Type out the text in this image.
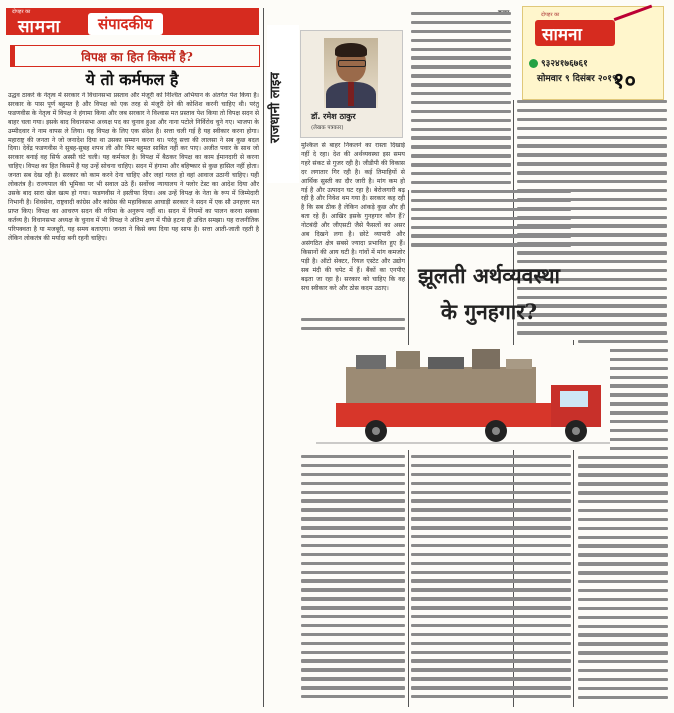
दोपहर का
सामना	संपादकीय
विपक्ष का हित किसमें है?
ये तो कर्मफल है
उद्धव ठाकरे के नेतृत्व में सरकार ने विधानसभा प्रस्ताव और मंजूरी को निश्चित अभियान के अंतर्गत पेश किया है। सरकार के पास पूर्ण बहुमत है और विपक्ष को एक तरह से मंजूरी देने की कोशिश करनी चाहिए थी। परंतु फडणवीस के नेतृत्व में विपक्ष ने हंगामा किया और जब सरकार ने विश्वास मत प्रस्ताव पेश किया तो विपक्ष सदन से बाहर चला गया। इसके बाद विधानसभा अध्यक्ष पद का चुनाव हुआ और नाना पटोले निर्विरोध चुने गए। भाजपा के उम्मीदवार ने नाम वापस ले लिया। यह विपक्ष के लिए एक संदेश है। सत्ता चली गई है यह स्वीकार करना होगा। महाराष्ट्र की जनता ने जो जनादेश दिया था उसका सम्मान करना था। परंतु सत्ता की लालसा ने सब कुछ बदल दिया। देवेंद्र फडणवीस ने सुबह-सुबह शपथ ली और फिर बहुमत साबित नहीं कर पाए। अजीत पवार के साथ जो सरकार बनाई वह सिर्फ अस्सी घंटे चली। यह कर्मफल है। विपक्ष में बैठकर विपक्ष का काम ईमानदारी से करना चाहिए। विपक्ष का हित किसमें है यह उन्हें सोचना चाहिए। सदन में हंगामा और बहिष्कार से कुछ हासिल नहीं होता। जनता सब देख रही है। सरकार को काम करने देना चाहिए और जहां गलत हो वहां आवाज उठानी चाहिए। यही लोकतंत्र है। राज्यपाल की भूमिका पर भी सवाल उठे हैं। सर्वोच्च न्यायालय ने फ्लोर टेस्ट का आदेश दिया और उसके बाद सारा खेल खत्म हो गया। फडणवीस ने इस्तीफा दिया। अब उन्हें विपक्ष के नेता के रूप में जिम्मेदारी निभानी है। शिवसेना, राष्ट्रवादी कांग्रेस और कांग्रेस की महाविकास आघाड़ी सरकार ने सदन में एक सौ उनहत्तर मत प्राप्त किए। विपक्ष का आचरण सदन की गरिमा के अनुरूप नहीं था। सदन में नियमों का पालन करना सबका कर्तव्य है। विधानसभा अध्यक्ष के चुनाव में भी विपक्ष ने अंतिम क्षण में पीछे हटना ही उचित समझा। यह राजनीतिक परिपक्वता है या मजबूरी, यह समय बताएगा। जनता ने किसे क्या दिया यह साफ है। सत्ता आती-जाती रहती है लेकिन लोकतंत्र की मर्यादा बनी रहनी चाहिए।
राजधानी लाइव	डॉ. रमेश ठाकुर
(लेखक पत्रकार)
दोपहर का
सामना
९३२४१७६७६१
सोमवार ९ दिसंबर २०१९
१०
मुश्किल से बाहर निकलने का रास्ता दिखाई नहीं दे रहा। देश की अर्थव्यवस्था इस समय गहरे संकट से गुजर रही है। जीडीपी की विकास दर लगातार गिर रही है। कई तिमाहियों से आर्थिक सुस्ती का दौर जारी है। मांग कम हो गई है और उत्पादन घट रहा है। बेरोजगारी बढ़ रही है और निवेश थम गया है। सरकार कह रही है कि सब ठीक है लेकिन आंकड़े कुछ और ही बता रहे हैं। आखिर इसके गुनहगार कौन हैं? नोटबंदी और जीएसटी जैसे फैसलों का असर अब दिखने लगा है। छोटे व्यापारी और असंगठित क्षेत्र सबसे ज्यादा प्रभावित हुए हैं। किसानों की आय घटी है। गांवों में मांग कमजोर पड़ी है। ऑटो सेक्टर, रियल एस्टेट और उद्योग सब मंदी की चपेट में हैं। बैंकों का एनपीए बढ़ता जा रहा है। सरकार को चाहिए कि वह सच स्वीकार करे और ठोस कदम उठाए।	झूलती अर्थव्यवस्था
के गुनहगार?
